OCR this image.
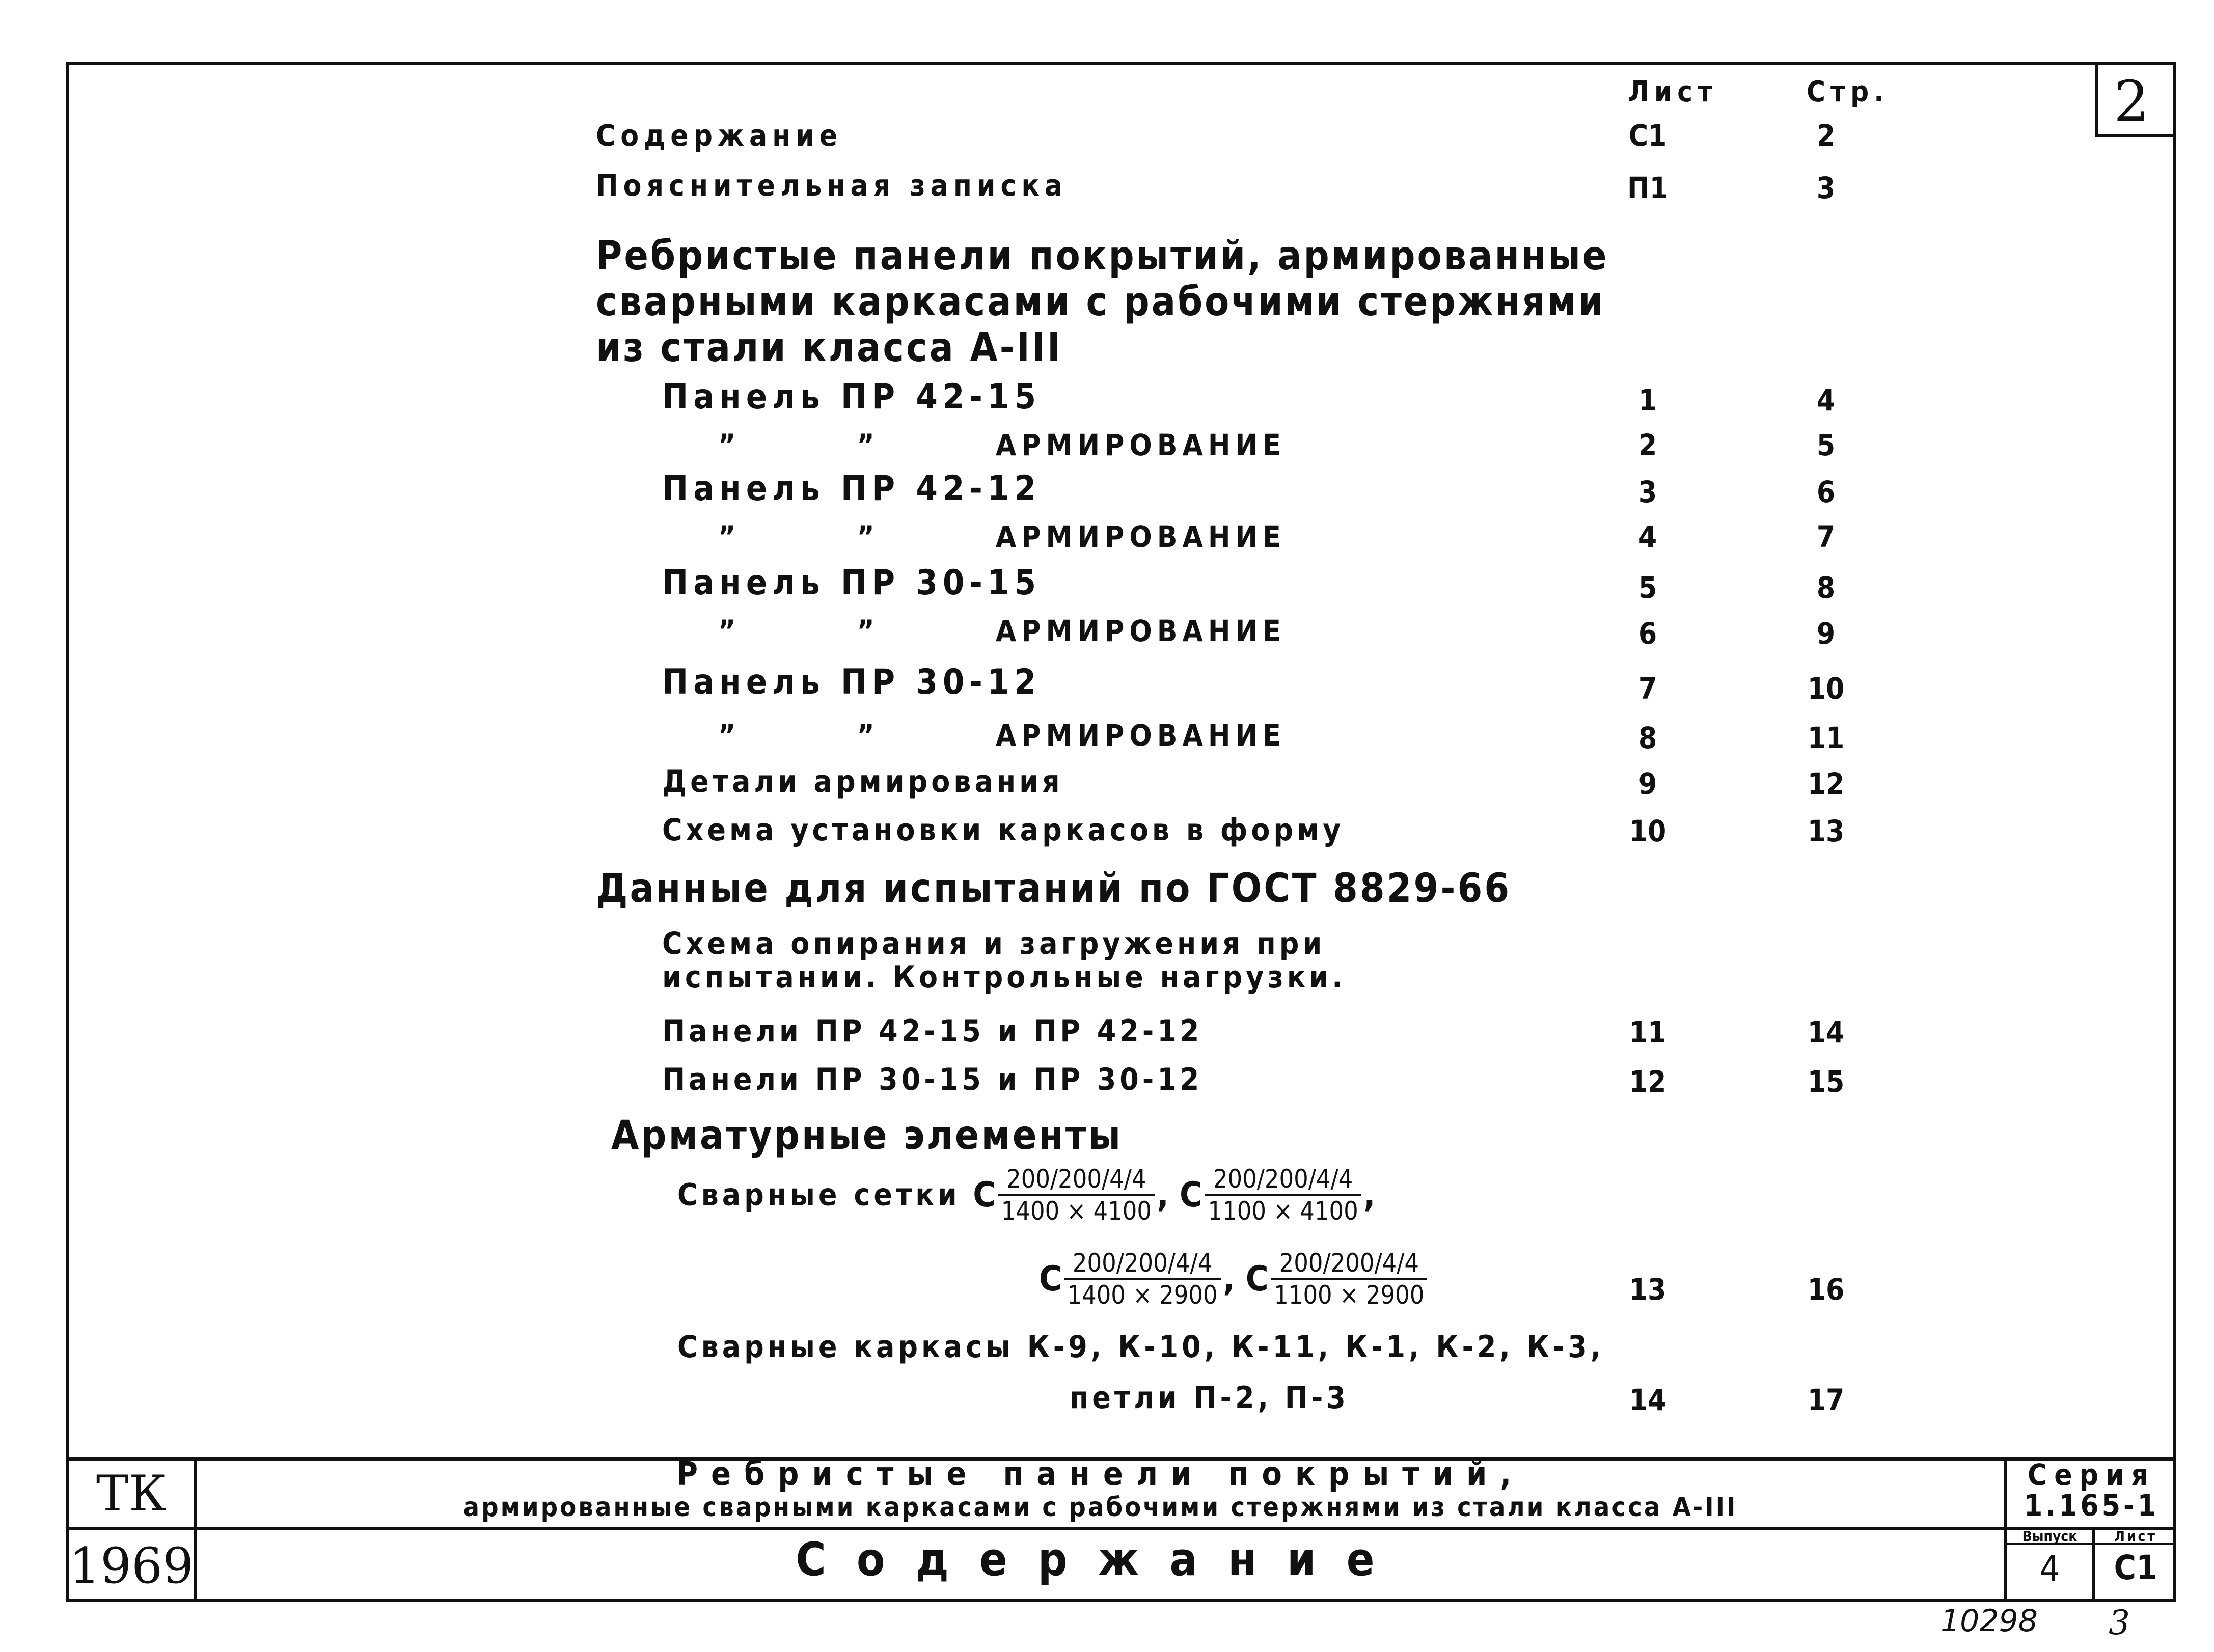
2
Лист	Стр.
Содержание	С1	2
Пояснительная записка	П1	3
Ребристые панели покрытий, армированные сварными каркасами с рабочими стержнями из стали класса А-III
Панель ПР 42-15	1	4
”	”	АРМИРОВАНИЕ	2	5
Панель ПР 42-12	3	6
”	”	АРМИРОВАНИЕ	4	7
Панель ПР 30-15	5	8
”	”	АРМИРОВАНИЕ	6	9
Панель ПР 30-12	7	10
”	”	АРМИРОВАНИЕ	8	11
Детали армирования	9	12
Схема установки каркасов в форму	10	13
Данные для испытаний по ГОСТ 8829-66
Схема опирания и загружения при испытании. Контрольные нагрузки.
Панели ПР 42-15 и ПР 42-12	11	14
Панели ПР 30-15 и ПР 30-12	12	15
Арматурные элементы
Сварные сетки С $\frac{200/200/4/4}{1400 \times 4100}$ , С $\frac{200/200/4/4}{1100 \times 4100}$ ,
С $\frac{200/200/4/4}{1400 \times 2900}$ , С $\frac{200/200/4/4}{1100 \times 2900}$	13	16
Сварные каркасы К-9, К-10, К-11, К-1, К-2, К-3,
петли П-2, П-3	14	17
ТК
1969
Ребристые панели покрытий,
армированные сварными каркасами с рабочими стержнями из стали класса А-III
Содержание
Серия
1.165-1
Выпуск
4
Лист
С1
10298 3
